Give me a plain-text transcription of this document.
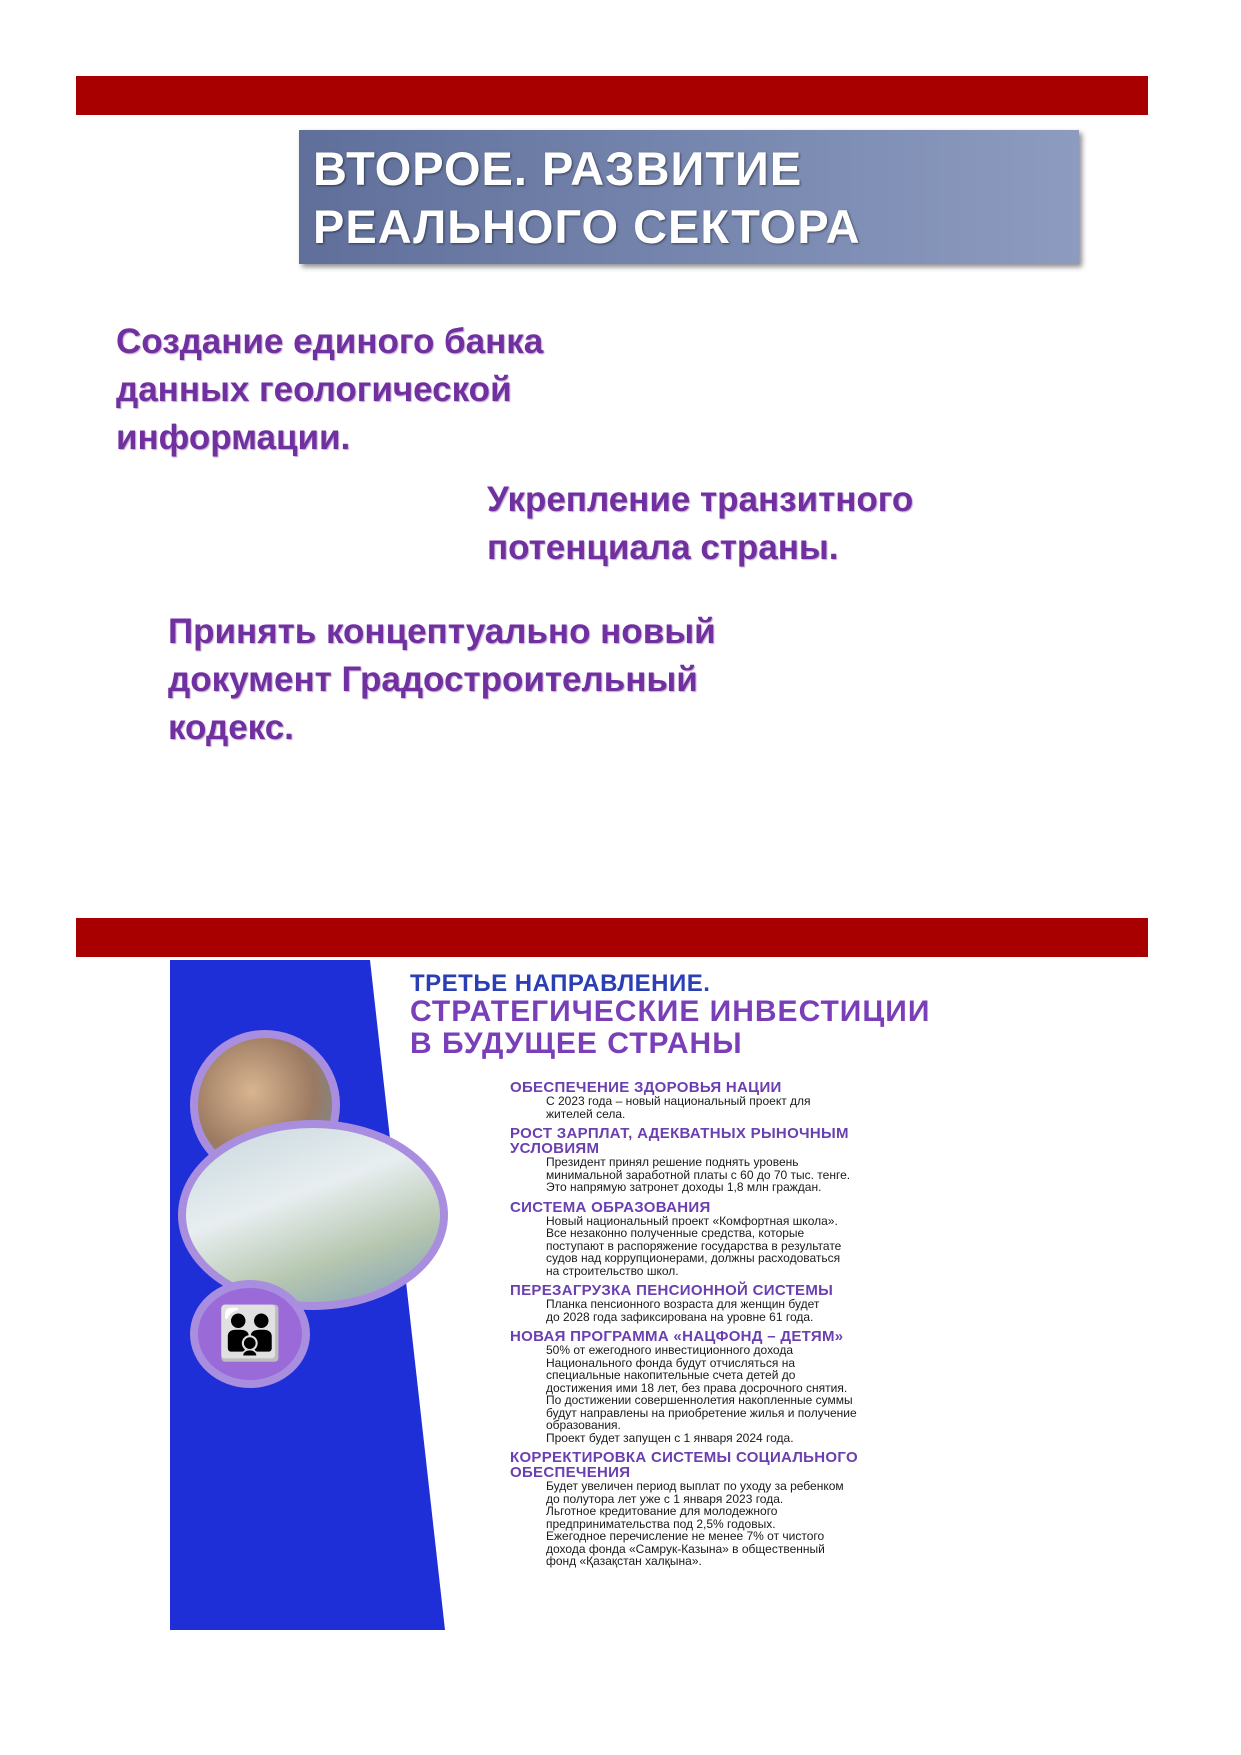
ВТОРОЕ. РАЗВИТИЕ
РЕАЛЬНОГО СЕКТОРА
Создание единого банка
данных геологической
информации.
Укрепление транзитного
потенциала страны.
Принять концептуально новый
документ Градостроительный
кодекс.
👪
ТРЕТЬЕ НАПРАВЛЕНИЕ.
СТРАТЕГИЧЕСКИЕ ИНВЕСТИЦИИ
В БУДУЩЕЕ СТРАНЫ
ОБЕСПЕЧЕНИЕ ЗДОРОВЬЯ НАЦИИ
С 2023 года – новый национальный проект для
жителей села.
РОСТ ЗАРПЛАТ, АДЕКВАТНЫХ РЫНОЧНЫМ
УСЛОВИЯМ
Президент принял решение поднять уровень
минимальной заработной платы с 60 до 70 тыс. тенге.
Это напрямую затронет доходы 1,8 млн граждан.
СИСТЕМА ОБРАЗОВАНИЯ
Новый национальный проект «Комфортная школа».
Все незаконно полученные средства, которые
поступают в распоряжение государства в результате
судов над коррупционерами, должны расходоваться
на строительство школ.
ПЕРЕЗАГРУЗКА ПЕНСИОННОЙ СИСТЕМЫ
Планка пенсионного возраста для женщин будет
до 2028 года зафиксирована на уровне 61 года.
НОВАЯ ПРОГРАММА «НАЦФОНД – ДЕТЯМ»
50% от ежегодного инвестиционного дохода
Национального фонда будут отчисляться на
специальные накопительные счета детей до
достижения ими 18 лет, без права досрочного снятия.
По достижении совершеннолетия накопленные суммы
будут направлены на приобретение жилья и получение
образования.
Проект будет запущен с 1 января 2024 года.
КОРРЕКТИРОВКА СИСТЕМЫ СОЦИАЛЬНОГО
ОБЕСПЕЧЕНИЯ
Будет увеличен период выплат по уходу за ребенком
до полутора лет уже с 1 января 2023 года.
Льготное кредитование для молодежного
предпринимательства под 2,5% годовых.
Ежегодное перечисление не менее 7% от чистого
дохода фонда «Самрук-Казына» в общественный
фонд «Қазақстан халқына».
